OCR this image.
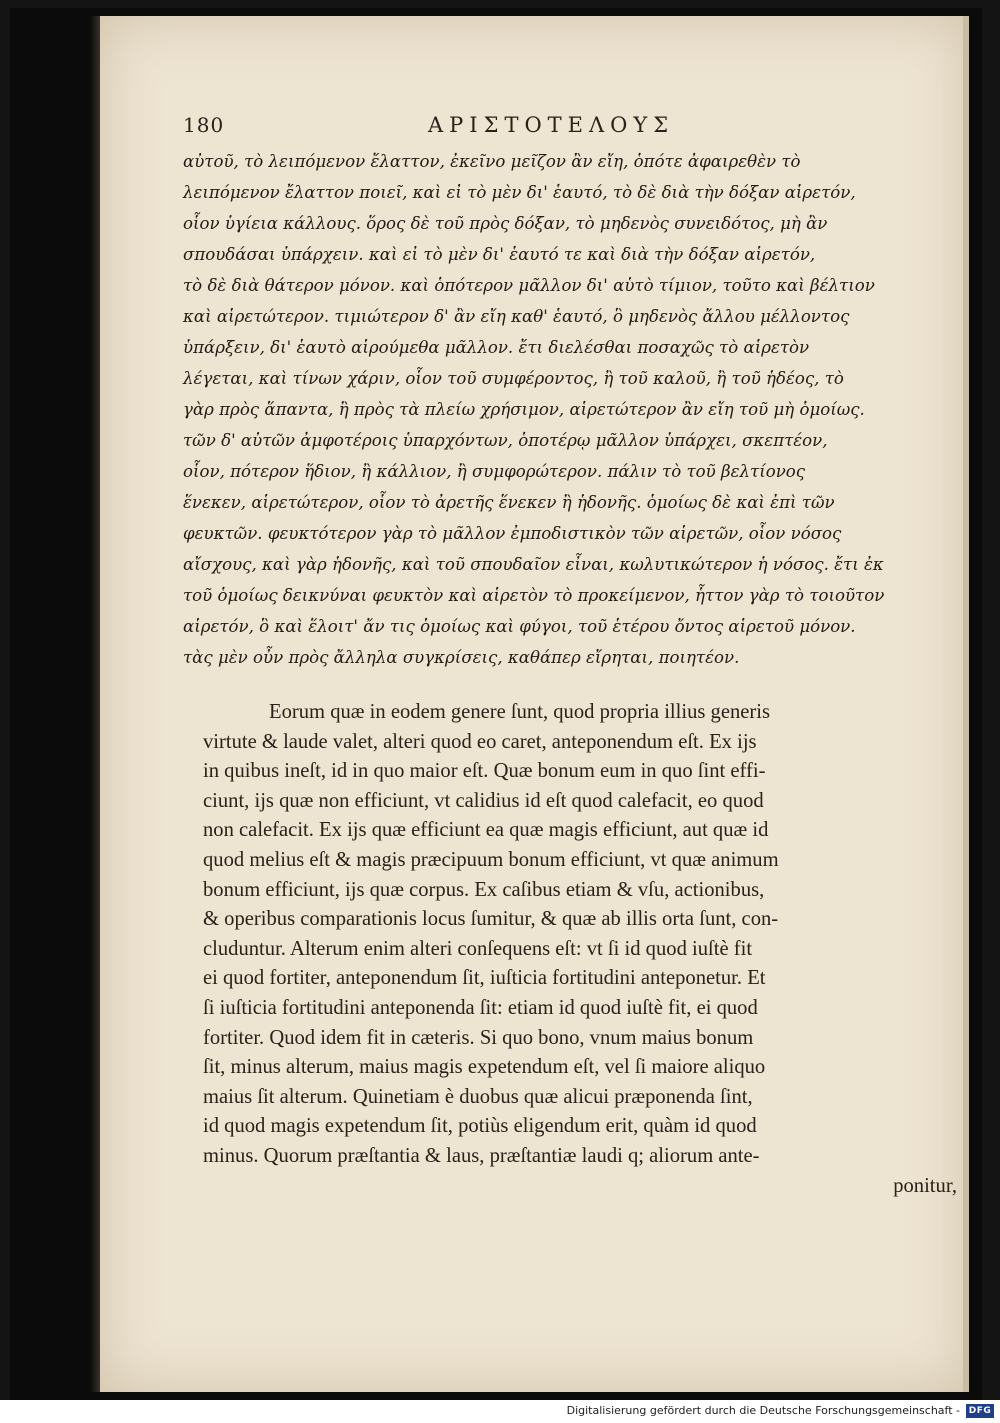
180	ΑΡΙΣΤΟΤΕΛΟΥΣ
αὐτοῦ, τὸ λειπόμενον ἔλαττον, ἐκεῖνο μεῖζον ἂν εἴη, ὁπότε ἀφαιρεθὲν τὸ
λειπόμενον ἔλαττον ποιεῖ, καὶ εἰ τὸ μὲν δι' ἑαυτό, τὸ δὲ διὰ τὴν δόξαν αἱρετόν,
οἷον ὑγίεια κάλλους. ὅρος δὲ τοῦ πρὸς δόξαν, τὸ μηδενὸς συνειδότος, μὴ ἂν
σπουδάσαι ὑπάρχειν. καὶ εἰ τὸ μὲν δι' ἑαυτό τε καὶ διὰ τὴν δόξαν αἱρετόν,
τὸ δὲ διὰ θάτερον μόνον. καὶ ὁπότερον μᾶλλον δι' αὑτὸ τίμιον, τοῦτο καὶ βέλτιον
καὶ αἱρετώτερον. τιμιώτερον δ' ἂν εἴη καθ' ἑαυτό, ὃ μηδενὸς ἄλλου μέλλοντος
ὑπάρξειν, δι' ἑαυτὸ αἱρούμεθα μᾶλλον. ἔτι διελέσθαι ποσαχῶς τὸ αἱρετὸν
λέγεται, καὶ τίνων χάριν, οἷον τοῦ συμφέροντος, ἢ τοῦ καλοῦ, ἢ τοῦ ἡδέος, τὸ
γὰρ πρὸς ἅπαντα, ἢ πρὸς τὰ πλείω χρήσιμον, αἱρετώτερον ἂν εἴη τοῦ μὴ ὁμοίως.
τῶν δ' αὐτῶν ἀμφοτέροις ὑπαρχόντων, ὁποτέρῳ μᾶλλον ὑπάρχει, σκεπτέον,
οἷον, πότερον ἥδιον, ἢ κάλλιον, ἢ συμφορώτερον. πάλιν τὸ τοῦ βελτίονος
ἕνεκεν, αἱρετώτερον, οἷον τὸ ἀρετῆς ἕνεκεν ἢ ἡδονῆς. ὁμοίως δὲ καὶ ἐπὶ τῶν
φευκτῶν. φευκτότερον γὰρ τὸ μᾶλλον ἐμποδιστικὸν τῶν αἱρετῶν, οἷον νόσος
αἴσχους, καὶ γὰρ ἡδονῆς, καὶ τοῦ σπουδαῖον εἶναι, κωλυτικώτερον ἡ νόσος. ἔτι ἐκ
τοῦ ὁμοίως δεικνύναι φευκτὸν καὶ αἱρετὸν τὸ προκείμενον, ἧττον γὰρ τὸ τοιοῦτον
αἱρετόν, ὃ καὶ ἕλοιτ' ἄν τις ὁμοίως καὶ φύγοι, τοῦ ἑτέρου ὄντος αἱρετοῦ μόνον.
τὰς μὲν οὖν πρὸς ἄλληλα συγκρίσεις, καθάπερ εἴρηται, ποιητέον.
Eorum quæ in eodem genere ſunt, quod propria illius generis
virtute & laude valet, alteri quod eo caret, anteponendum eſt. Ex ijs
in quibus ineſt, id in quo maior eſt. Quæ bonum eum in quo ſint effi-
ciunt, ijs quæ non efficiunt, vt calidius id eſt quod calefacit, eo quod
non calefacit. Ex ijs quæ efficiunt ea quæ magis efficiunt, aut quæ id
quod melius eſt & magis præcipuum bonum efficiunt, vt quæ animum
bonum efficiunt, ijs quæ corpus. Ex caſibus etiam & vſu, actionibus,
& operibus comparationis locus ſumitur, & quæ ab illis orta ſunt, con-
cluduntur. Alterum enim alteri conſequens eſt: vt ſi id quod iuſtè fit
ei quod fortiter, anteponendum ſit, iuſticia fortitudini anteponetur. Et
ſi iuſticia fortitudini anteponenda ſit: etiam id quod iuſtè fit, ei quod
fortiter. Quod idem fit in cæteris. Si quo bono, vnum maius bonum
ſit, minus alterum, maius magis expetendum eſt, vel ſi maiore aliquo
maius ſit alterum. Quinetiam è duobus quæ alicui præponenda ſint,
id quod magis expetendum ſit, potiùs eligendum erit, quàm id quod
minus. Quorum præſtantia & laus, præſtantiæ laudi q; aliorum ante-
ponitur,
Digitalisierung gefördert durch die Deutsche Forschungsgemeinschaft - DFG
